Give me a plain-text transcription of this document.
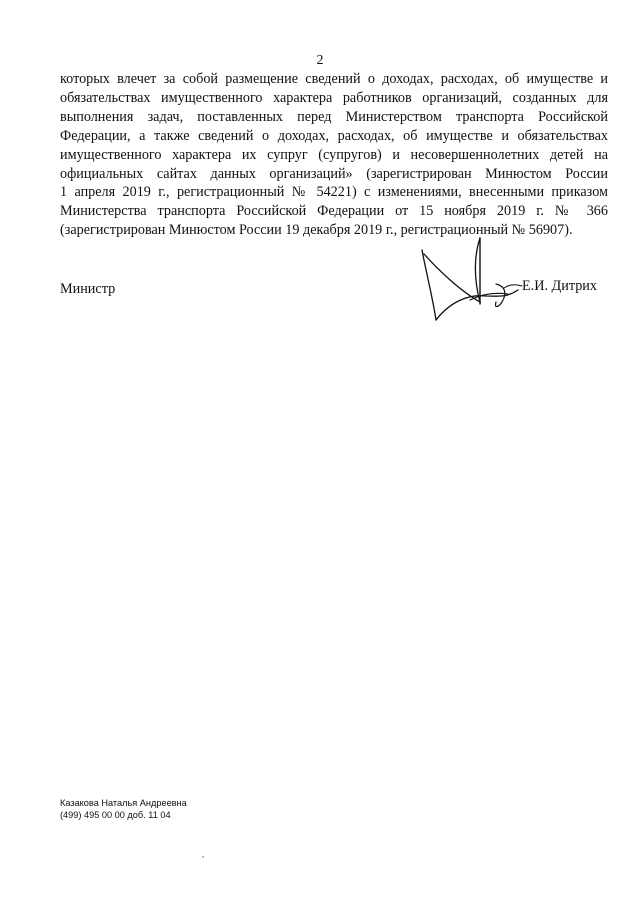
2
которых влечет за собой размещение сведений о доходах, расходах, об имуществе и
обязательствах имущественного характера работников организаций, созданных для
выполнения задач, поставленных перед Министерством транспорта Российской
Федерации, а также сведений о доходах, расходах, об имуществе и обязательствах
имущественного характера их супруг (супругов) и несовершеннолетних детей на
официальных сайтах данных организаций» (зарегистрирован Минюстом России
1 апреля 2019 г., регистрационный № 54221) с изменениями, внесенными приказом
Министерства транспорта Российской Федерации от 15 ноября 2019 г. № 366
(зарегистрирован Минюстом России 19 декабря 2019 г., регистрационный № 56907).
Министр	Е.И. Дитрих
Казакова Наталья Андреевна
(499) 495 00 00 доб. 11 04
